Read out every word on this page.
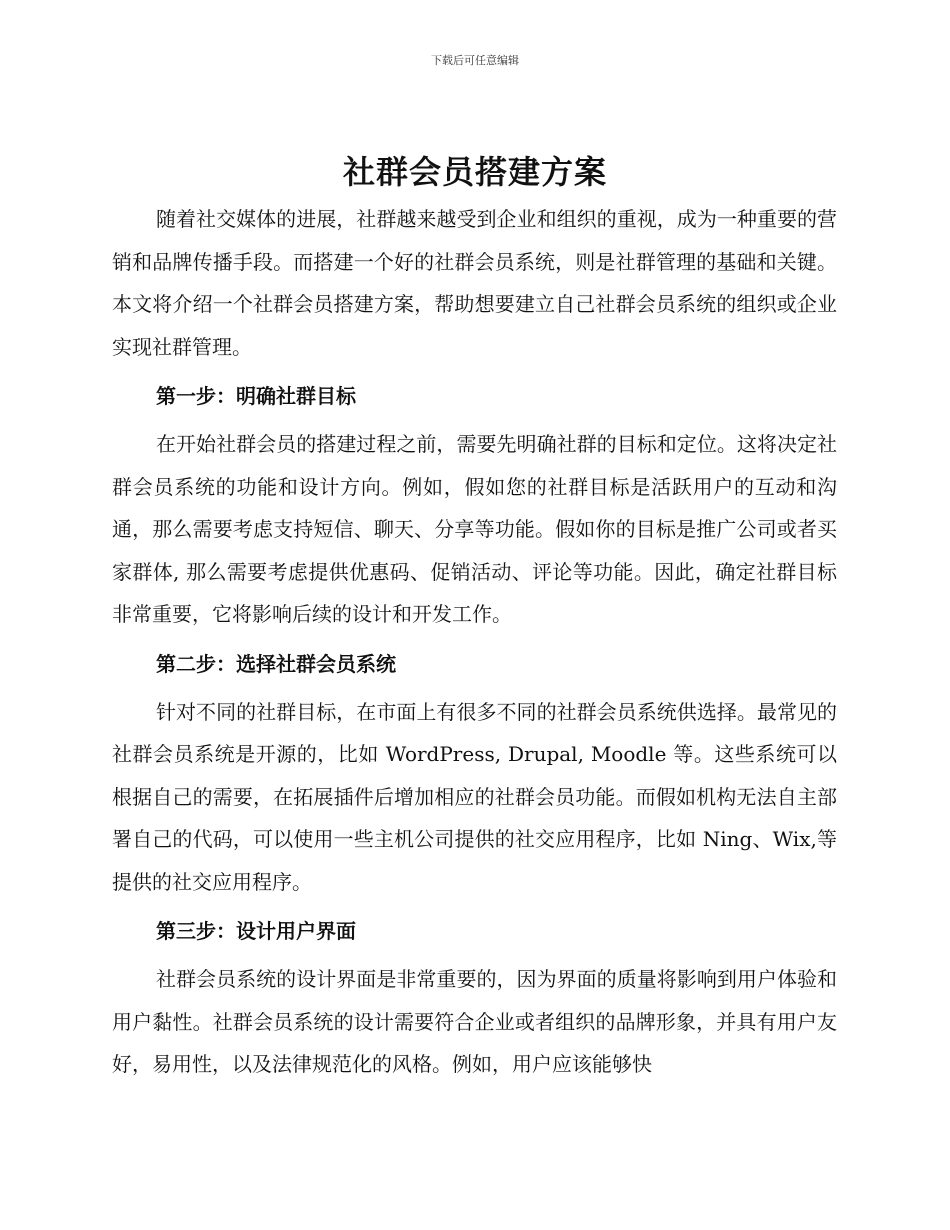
下载后可任意编辑
社群会员搭建方案

随着社交媒体的进展，社群越来越受到企业和组织的重视，成为一种重要的营销和品牌传播手段。而搭建一个好的社群会员系统，则是社群管理的基础和关键。本文将介绍一个社群会员搭建方案，帮助想要建立自己社群会员系统的组织或企业实现社群管理。

第一步：明确社群目标

在开始社群会员的搭建过程之前，需要先明确社群的目标和定位。这将决定社群会员系统的功能和设计方向。例如，假如您的社群目标是活跃用户的互动和沟通，那么需要考虑支持短信、聊天、分享等功能。假如你的目标是推广公司或者买家群体, 那么需要考虑提供优惠码、促销活动、评论等功能。因此，确定社群目标非常重要，它将影响后续的设计和开发工作。

第二步：选择社群会员系统

针对不同的社群目标，在市面上有很多不同的社群会员系统供选择。最常见的社群会员系统是开源的，比如 WordPress, Drupal, Moodle 等。这些系统可以根据自己的需要，在拓展插件后增加相应的社群会员功能。而假如机构无法自主部署自己的代码，可以使用一些主机公司提供的社交应用程序，比如 Ning、Wix,等提供的社交应用程序。

第三步：设计用户界面

社群会员系统的设计界面是非常重要的，因为界面的质量将影响到用户体验和用户黏性。社群会员系统的设计需要符合企业或者组织的品牌形象，并具有用户友好，易用性，以及法律规范化的风格。例如，用户应该能够快
